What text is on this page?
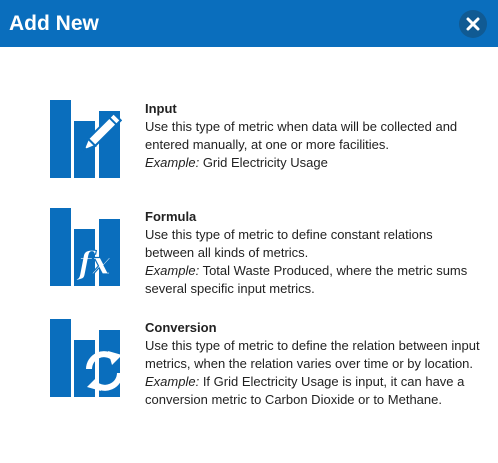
Add New
Input
Use this type of metric when data will be collected and entered manually, at one or more facilities.
Example: Grid Electricity Usage
fx
Formula
Use this type of metric to define constant relations between all kinds of metrics.
Example: Total Waste Produced, where the metric sums several specific input metrics.
Conversion
Use this type of metric to define the relation between input metrics, when the relation varies over time or by location.
Example: If Grid Electricity Usage is input, it can have a conversion metric to Carbon Dioxide or to Methane.
